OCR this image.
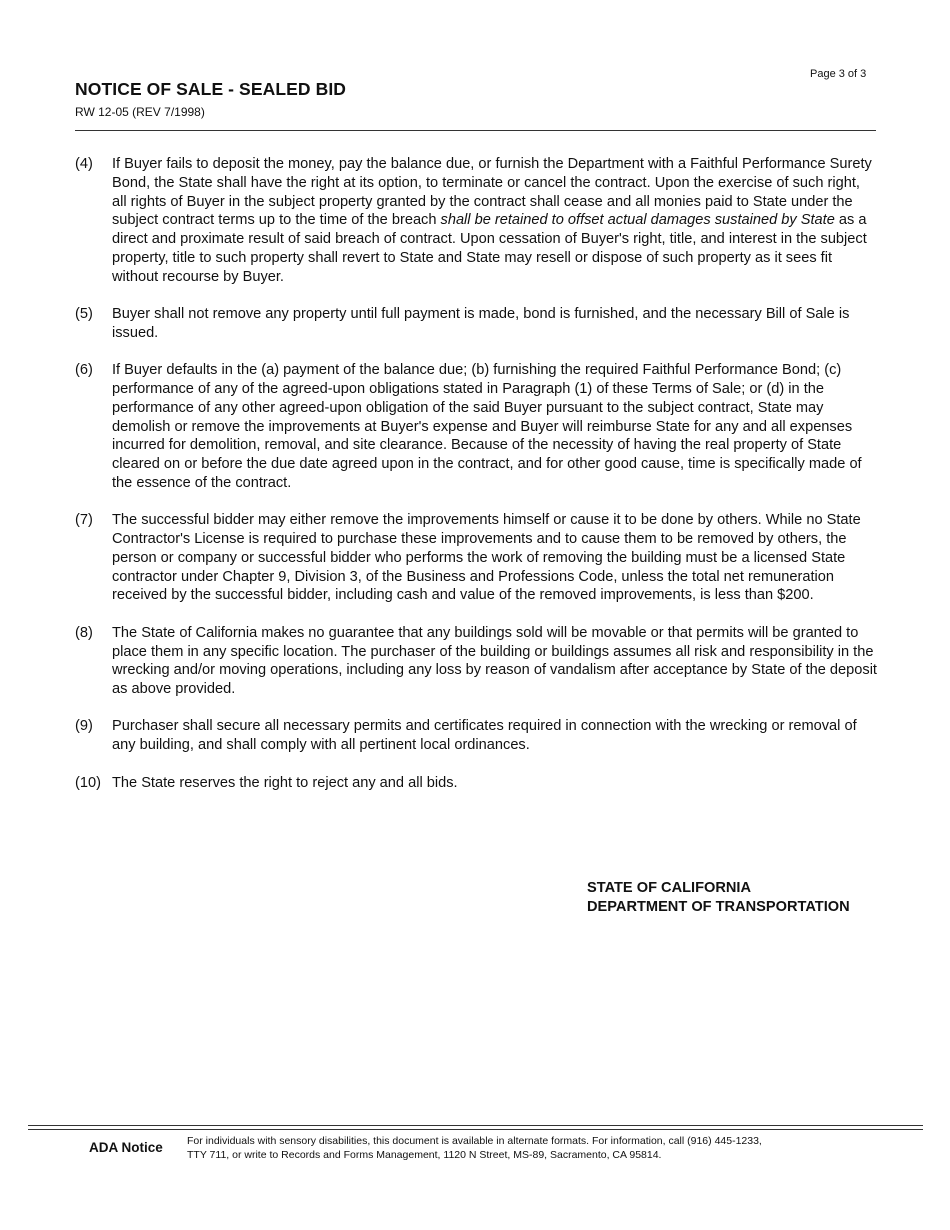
Page 3 of 3
NOTICE OF SALE - SEALED BID
RW 12-05 (REV 7/1998)
(4)	If Buyer fails to deposit the money, pay the balance due, or furnish the Department with a Faithful Performance Surety Bond, the State shall have the right at its option, to terminate or cancel the contract. Upon the exercise of such right, all rights of Buyer in the subject property granted by the contract shall cease and all monies paid to State under the subject contract terms up to the time of the breach shall be retained to offset actual damages sustained by State as a direct and proximate result of said breach of contract. Upon cessation of Buyer's right, title, and interest in the subject property, title to such property shall revert to State and State may resell or dispose of such property as it sees fit without recourse by Buyer.
(5)	Buyer shall not remove any property until full payment is made, bond is furnished, and the necessary Bill of Sale is issued.
(6)	If Buyer defaults in the (a) payment of the balance due; (b) furnishing the required Faithful Performance Bond; (c) performance of any of the agreed-upon obligations stated in Paragraph (1) of these Terms of Sale; or (d) in the performance of any other agreed-upon obligation of the said Buyer pursuant to the subject contract, State may demolish or remove the improvements at Buyer's expense and Buyer will reimburse State for any and all expenses incurred for demolition, removal, and site clearance. Because of the necessity of having the real property of State cleared on or before the due date agreed upon in the contract, and for other good cause, time is specifically made of the essence of the contract.
(7)	The successful bidder may either remove the improvements himself or cause it to be done by others. While no State Contractor's License is required to purchase these improvements and to cause them to be removed by others, the person or company or successful bidder who performs the work of removing the building must be a licensed State contractor under Chapter 9, Division 3, of the Business and Professions Code, unless the total net remuneration received by the successful bidder, including cash and value of the removed improvements, is less than $200.
(8)	The State of California makes no guarantee that any buildings sold will be movable or that permits will be granted to place them in any specific location. The purchaser of the building or buildings assumes all risk and responsibility in the wrecking and/or moving operations, including any loss by reason of vandalism after acceptance by State of the deposit as above provided.
(9)	Purchaser shall secure all necessary permits and certificates required in connection with the wrecking or removal of any building, and shall comply with all pertinent local ordinances.
(10) The State reserves the right to reject any and all bids.
STATE OF CALIFORNIA
DEPARTMENT OF TRANSPORTATION
ADA Notice For individuals with sensory disabilities, this document is available in alternate formats. For information, call (916) 445-1233,
TTY 711, or write to Records and Forms Management, 1120 N Street, MS-89, Sacramento, CA 95814.
